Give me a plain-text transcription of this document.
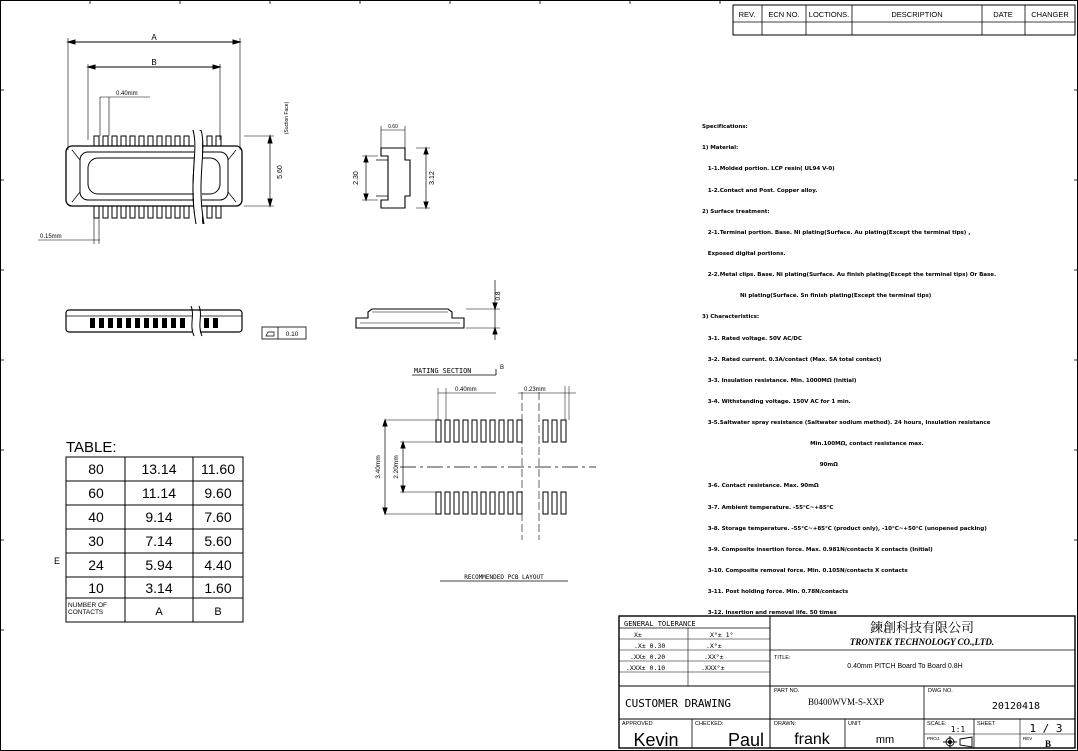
REV. ECN NO. LOCTIONS.	DESCRIPTION	DATE CHANGER
A
B
0.40mm
5.60
(Suction Face)
0.15mm
0.60
2.30	3.12
0.10
0.8
MATING SECTION	B
0.40mm	0.23mm
3.40mm 2.20mm
RECOMMENDED PCB LAYOUT
TABLE:
E
80	13.14 11.60
60	11.14 9.60
40	9.14 7.60
30	7.14 5.60
24	5.94 4.40
10	3.14 1.60
NUMBER OF CONTACTS	A	B
GENERAL TOLERANCE
X±	X°± 1°
.X± 0.30	.X°±
.XX± 0.20	.XX°±
.XXX± 0.10	.XXX°±
CUSTOMER DRAWING
鍊創科技有限公司
TRONTEK TECHNOLOGY CO.,LTD.
TITLE:
0.40mm PITCH Board To Board 0.8H
PART NO.
B0400WVM-S-XXP
DWG NO.
20120418
APPROVED
Kevin
CHECKED:
Paul
DRAWN:
frank
UNIT
mm
SCALE:
1:1
SHEET	1 / 3
PROJ.	REV
B

Specifications:

1) Material:

1-1.Molded portion. LCP resin( UL94 V-0)

1-2.Contact and Post. Copper alloy.

2) Surface treatment:

2-1.Terminal portion. Base. Ni plating(Surface. Au plating(Except the terminal tips) ,

Exposed digital portions.

2-2.Metal clips. Base. Ni plating(Surface. Au finish plating(Except the terminal tips) Or Base.

Ni plating(Surface. Sn finish plating(Except the terminal tips)

3) Characteristics:

3-1. Rated voltage. 50V AC/DC

3-2. Rated current. 0.3A/contact (Max. 5A total contact)

3-3. Insulation resistance. Min. 1000MΩ (Initial)

3-4. Withstanding voltage. 150V AC for 1 min.

3-5.Saltwater spray resistance (Saltwater sodium method). 24 hours, Insulation resistance

Min.100MΩ, contact resistance max.

90mΩ

3-6. Contact resistance. Max. 90mΩ

3-7. Ambient temperature. -55°C~+85°C

3-8. Storage temperature. -55°C~+85°C (product only), -10°C~+50°C (unopened packing)

3-9. Composite insertion force. Max. 0.981N/contacts X contacts (Initial)

3-10. Composite removal force. Min. 0.105N/contacts X contacts

3-11. Post holding force. Min. 0.78N/contacts

3-12. Insertion and removal life. 50 times
